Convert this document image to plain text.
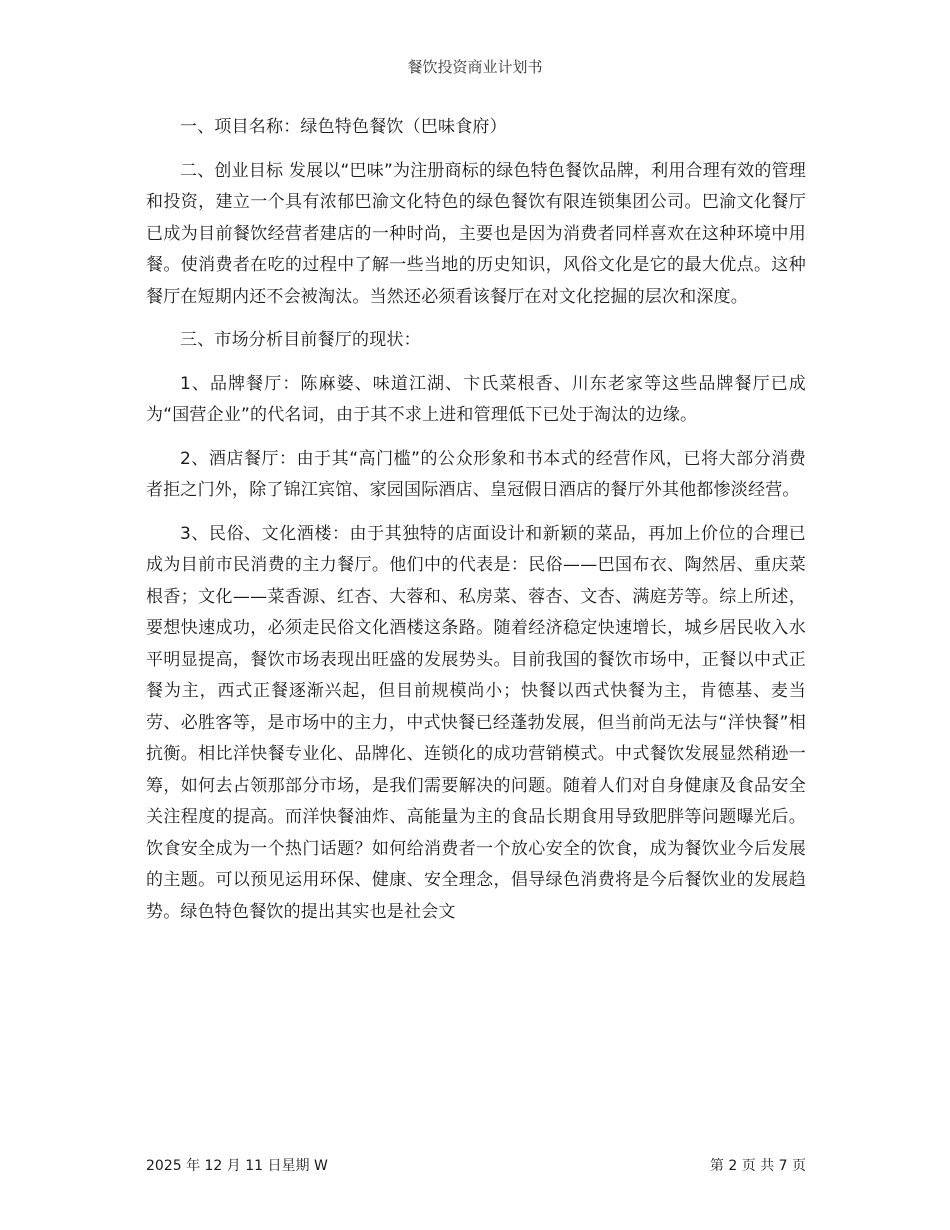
餐饮投资商业计划书

一、项目名称：绿色特色餐饮（巴味食府）

二、创业目标 发展以“巴味”为注册商标的绿色特色餐饮品牌，利用合理有效的管理和投资，建立一个具有浓郁巴渝文化特色的绿色餐饮有限连锁集团公司。巴渝文化餐厅已成为目前餐饮经营者建店的一种时尚，主要也是因为消费者同样喜欢在这种环境中用餐。使消费者在吃的过程中了解一些当地的历史知识，风俗文化是它的最大优点。这种餐厅在短期内还不会被淘汰。当然还必须看该餐厅在对文化挖掘的层次和深度。

三、市场分析目前餐厅的现状：

1、品牌餐厅：陈麻婆、味道江湖、卞氏菜根香、川东老家等这些品牌餐厅已成为“国营企业”的代名词，由于其不求上进和管理低下已处于淘汰的边缘。

2、酒店餐厅：由于其“高门槛”的公众形象和书本式的经营作风，已将大部分消费者拒之门外，除了锦江宾馆、家园国际酒店、皇冠假日酒店的餐厅外其他都惨淡经营。

3、民俗、文化酒楼：由于其独特的店面设计和新颖的菜品，再加上价位的合理已成为目前市民消费的主力餐厅。他们中的代表是：民俗——巴国布衣、陶然居、重庆菜根香；文化——菜香源、红杏、大蓉和、私房菜、蓉杏、文杏、满庭芳等。综上所述，要想快速成功，必须走民俗文化酒楼这条路。随着经济稳定快速增长，城乡居民收入水平明显提高，餐饮市场表现出旺盛的发展势头。目前我国的餐饮市场中，正餐以中式正餐为主，西式正餐逐渐兴起，但目前规模尚小；快餐以西式快餐为主，肯德基、麦当劳、必胜客等，是市场中的主力，中式快餐已经蓬勃发展，但当前尚无法与“洋快餐”相抗衡。相比洋快餐专业化、品牌化、连锁化的成功营销模式。中式餐饮发展显然稍逊一筹，如何去占领那部分市场，是我们需要解决的问题。随着人们对自身健康及食品安全关注程度的提高。而洋快餐油炸、高能量为主的食品长期食用导致肥胖等问题曝光后。饮食安全成为一个热门话题？如何给消费者一个放心安全的饮食，成为餐饮业今后发展的主题。可以预见运用环保、健康、安全理念，倡导绿色消费将是今后餐饮业的发展趋势。绿色特色餐饮的提出其实也是社会文

2025 年 12 月 11 日星期 W	第 2 页 共 7 页
